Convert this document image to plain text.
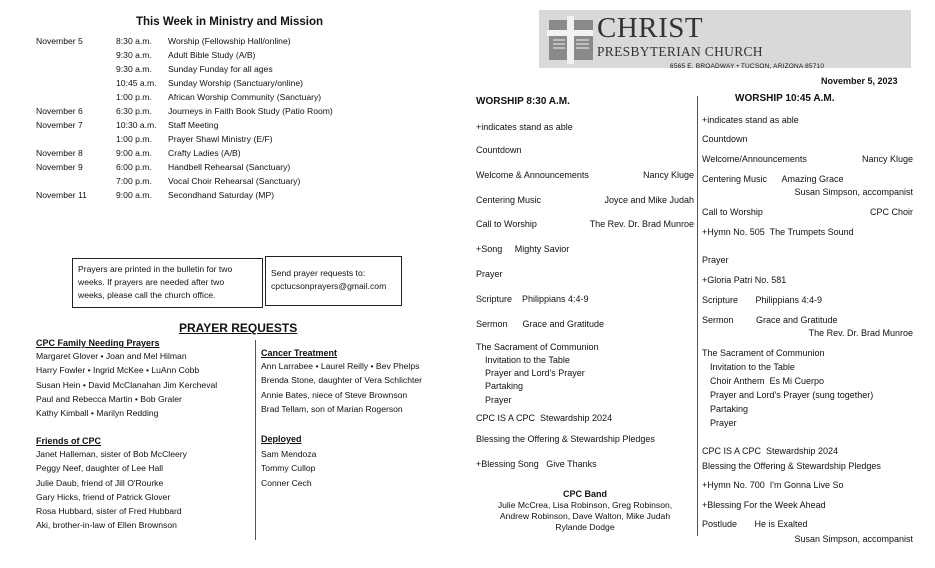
This Week in Ministry and Mission
November 5	8:30 a.m. Worship (Fellowship Hall/online)
9:30 a.m. Adult Bible Study (A/B)
9:30 a.m. Sunday Funday for all ages
10:45 a.m. Sunday Worship (Sanctuary/online)
1:00 p.m. African Worship Community (Sanctuary)
November 6	6:30 p.m. Journeys in Faith Book Study (Patio Room)
November 7	10:30 a.m. Staff Meeting
1:00 p.m. Prayer Shawl Ministry (E/F)
November 8	9:00 a.m. Crafty Ladies (A/B)
November 9	6:00 p.m. Handbell Rehearsal (Sanctuary)
7:00 p.m. Vocal Choir Rehearsal (Sanctuary)
November 11	9:00 a.m. Secondhand Saturday (MP)
Prayers are printed in the bulletin for two
weeks. If prayers are needed after two
weeks, please call the church office.
Send prayer requests to:
cpctucsonprayers@gmail.com
PRAYER REQUESTS
CPC Family Needing Prayers
Margaret Glover • Joan and Mel Hilman
Harry Fowler • Ingrid McKee • LuAnn Cobb
Susan Hein • David McClanahan Jim Kercheval
Paul and Rebecca Martin • Bob Graler
Kathy Kimball • Marilyn Redding
Friends of CPC
Janet Halleman, sister of Bob McCleery
Peggy Neef, daughter of Lee Hall
Julie Daub, friend of Jill O'Rourke
Gary Hicks, friend of Patrick Glover
Rosa Hubbard, sister of Fred Hubbard
Aki, brother-in-law of Ellen Brownson
Cancer Treatment
Ann Larrabee • Laurel Reilly • Bev Phelps
Brenda Stone, daughter of Vera Schlichter
Annie Bates, niece of Steve Brownson
Brad Tellam, son of Marian Rogerson
Deployed
Sam Mendoza
Tommy Cullop
Conner Cech
CHRIST
PRESBYTERIAN CHURCH
6565 E. BROADWAY • TUCSON, ARIZONA 85710
November 5, 2023
WORSHIP 8:30 A.M.
+indicates stand as able
Countdown
Welcome & Announcements	Nancy Kluge
Centering Music	Joyce and Mike Judah
Call to Worship	The Rev. Dr. Brad Munroe
+Song     Mighty Savior
Prayer
Scripture    Philippians 4:4-9
Sermon      Grace and Gratitude
The Sacrament of Communion
Invitation to the Table
Prayer and Lord's Prayer
Partaking
Prayer
CPC IS A CPC  Stewardship 2024
Blessing the Offering & Stewardship Pledges
+Blessing Song   Give Thanks
CPC Band
Julie McCrea, Lisa Robinson, Greg Robinson,
Andrew Robinson, Dave Walton, Mike Judah
Rylande Dodge
WORSHIP 10:45 A.M.
+indicates stand as able
Countdown
Welcome/Announcements	Nancy Kluge
Centering Music      Amazing Grace
Susan Simpson, accompanist
Call to Worship	CPC Choir
+Hymn No. 505  The Trumpets Sound
Prayer
+Gloria Patri No. 581
Scripture       Philippians 4:4-9
Sermon         Grace and Gratitude
The Rev. Dr. Brad Munroe
The Sacrament of Communion
Invitation to the Table
Choir Anthem  Es Mi Cuerpo
Prayer and Lord's Prayer (sung together)
Partaking
Prayer
CPC IS A CPC  Stewardship 2024
Blessing the Offering & Stewardship Pledges
+Hymn No. 700  I'm Gonna Live So
+Blessing For the Week Ahead
Postlude       He is Exalted
Susan Simpson, accompanist
